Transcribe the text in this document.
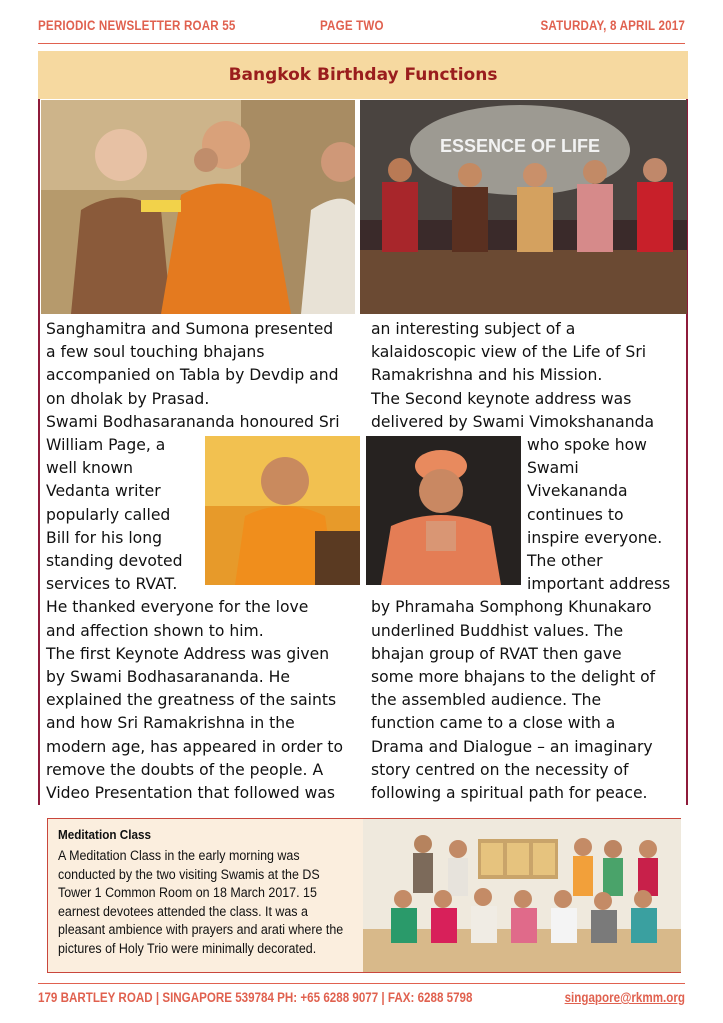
PERIODIC NEWSLETTER ROAR 55	PAGE TWO	SATURDAY, 8 APRIL 2017
Bangkok Birthday Functions
ESSENCE OF LIFE

Sanghamitra and Sumona presented
a few soul touching bhajans
accompanied on Tabla by Devdip and
on dholak by Prasad.

Swami Bodhasarananda honoured Sri

William Page, a
well known
Vedanta writer
popularly called
Bill for his long
standing devoted
services to RVAT.

He thanked everyone for the love
and affection shown to him.
The first Keynote Address was given
by Swami Bodhasarananda. He
explained the greatness of the saints
and how Sri Ramakrishna in the
modern age, has appeared in order to
remove the doubts of the people. A
Video Presentation that followed was

an interesting subject of a
kalaidoscopic view of the Life of Sri
Ramakrishna and his Mission.
The Second keynote address was
delivered by Swami Vimokshananda

who spoke how
Swami
Vivekananda
continues to
inspire everyone.
The other
important address

by Phramaha Somphong Khunakaro
underlined Buddhist values. The
bhajan group of RVAT then gave
some more bhajans to the delight of
the assembled audience. The
function came to a close with a
Drama and Dialogue – an imaginary
story centred on the necessity of
following a spiritual path for peace.

Meditation Class
A Meditation Class in the early morning was
conducted by the two visiting Swamis at the DS
Tower 1 Common Room on 18 March 2017. 15
earnest devotees attended the class. It was a
pleasant ambience with prayers and arati where the
pictures of Holy Trio were minimally decorated.
179 BARTLEY ROAD | SINGAPORE 539784 PH: +65 6288 9077 | FAX: 6288 5798	singapore@rkmm.org
